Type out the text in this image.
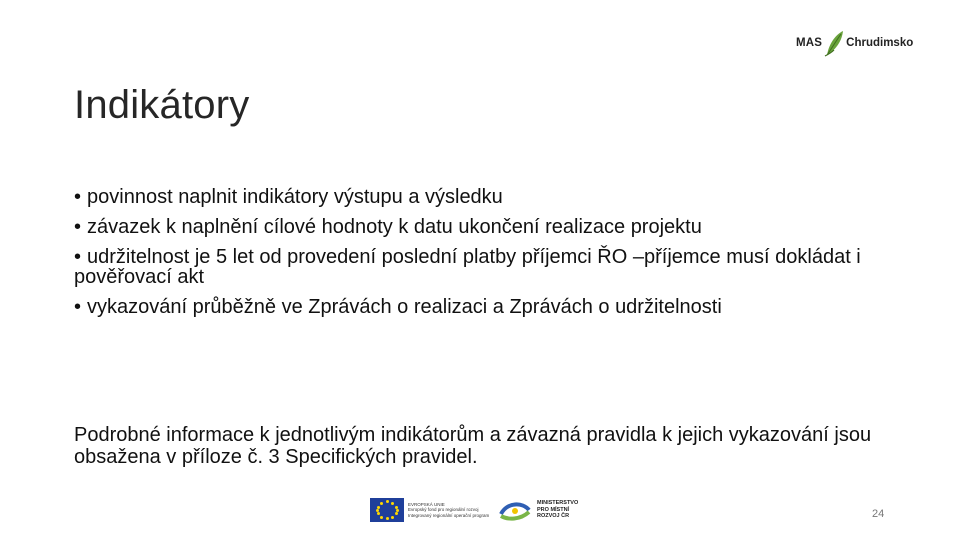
Indikátory
MAS Chrudimsko
• povinnost naplnit indikátory výstupu a výsledku
• závazek k naplnění cílové hodnoty k datu ukončení realizace projektu
• udržitelnost je 5 let od provedení poslední platby příjemci ŘO –příjemce musí dokládat i pověřovací akt
• vykazování průběžně ve Zprávách o realizaci a Zprávách o udržitelnosti

Podrobné informace k jednotlivým indikátorům a závazná pravidla k jejich vykazování jsou obsažena v příloze č. 3 Specifických pravidel.

EVROPSKÁ UNIE
Evropský fond pro regionální rozvoj
Integrovaný regionální operační program
MINISTERSTVO
PRO MÍSTNÍ
ROZVOJ ČR	24
